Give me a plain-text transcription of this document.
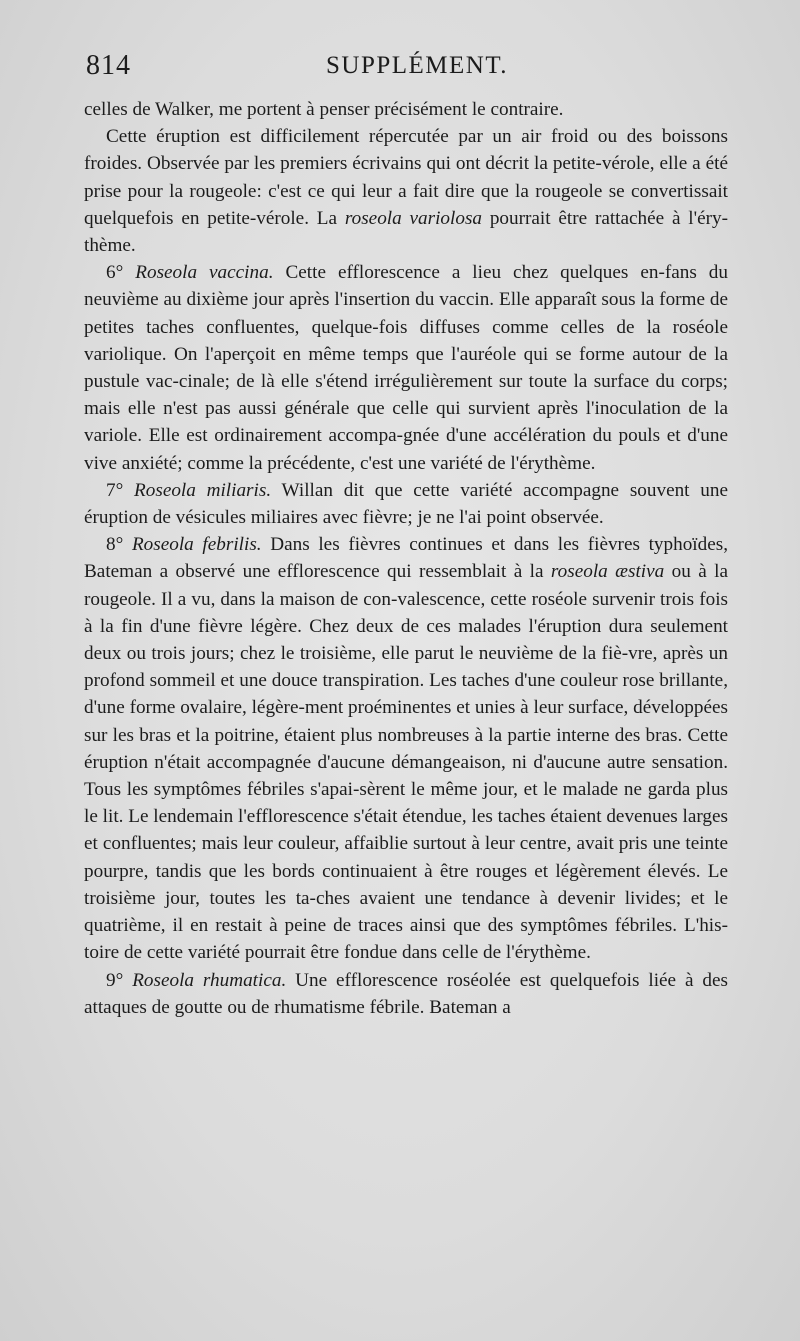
814	SUPPLÉMENT.

celles de Walker, me portent à penser précisément le contraire.

Cette éruption est difficilement répercutée par un air froid ou des boissons froides. Observée par les premiers écrivains qui ont décrit la petite-vérole, elle a été prise pour la rougeole: c'est ce qui leur a fait dire que la rougeole se convertissait quelquefois en petite-vérole. La roseola variolosa pourrait être rattachée à l'éry-thème.

6° Roseola vaccina. Cette efflorescence a lieu chez quelques en-fans du neuvième au dixième jour après l'insertion du vaccin. Elle apparaît sous la forme de petites taches confluentes, quelque-fois diffuses comme celles de la roséole variolique. On l'aperçoit en même temps que l'auréole qui se forme autour de la pustule vac-cinale; de là elle s'étend irrégulièrement sur toute la surface du corps; mais elle n'est pas aussi générale que celle qui survient après l'inoculation de la variole. Elle est ordinairement accompa-gnée d'une accélération du pouls et d'une vive anxiété; comme la précédente, c'est une variété de l'érythème.

7° Roseola miliaris. Willan dit que cette variété accompagne souvent une éruption de vésicules miliaires avec fièvre; je ne l'ai point observée.

8° Roseola febrilis. Dans les fièvres continues et dans les fièvres typhoïdes, Bateman a observé une efflorescence qui ressemblait à la roseola æstiva ou à la rougeole. Il a vu, dans la maison de con-valescence, cette roséole survenir trois fois à la fin d'une fièvre légère. Chez deux de ces malades l'éruption dura seulement deux ou trois jours; chez le troisième, elle parut le neuvième de la fiè-vre, après un profond sommeil et une douce transpiration. Les taches d'une couleur rose brillante, d'une forme ovalaire, légère-ment proéminentes et unies à leur surface, développées sur les bras et la poitrine, étaient plus nombreuses à la partie interne des bras. Cette éruption n'était accompagnée d'aucune démangeaison, ni d'aucune autre sensation. Tous les symptômes fébriles s'apai-sèrent le même jour, et le malade ne garda plus le lit. Le lendemain l'efflorescence s'était étendue, les taches étaient devenues larges et confluentes; mais leur couleur, affaiblie surtout à leur centre, avait pris une teinte pourpre, tandis que les bords continuaient à être rouges et légèrement élevés. Le troisième jour, toutes les ta-ches avaient une tendance à devenir livides; et le quatrième, il en restait à peine de traces ainsi que des symptômes fébriles. L'his-toire de cette variété pourrait être fondue dans celle de l'érythème.

9° Roseola rhumatica. Une efflorescence roséolée est quelquefois liée à des attaques de goutte ou de rhumatisme fébrile. Bateman a
